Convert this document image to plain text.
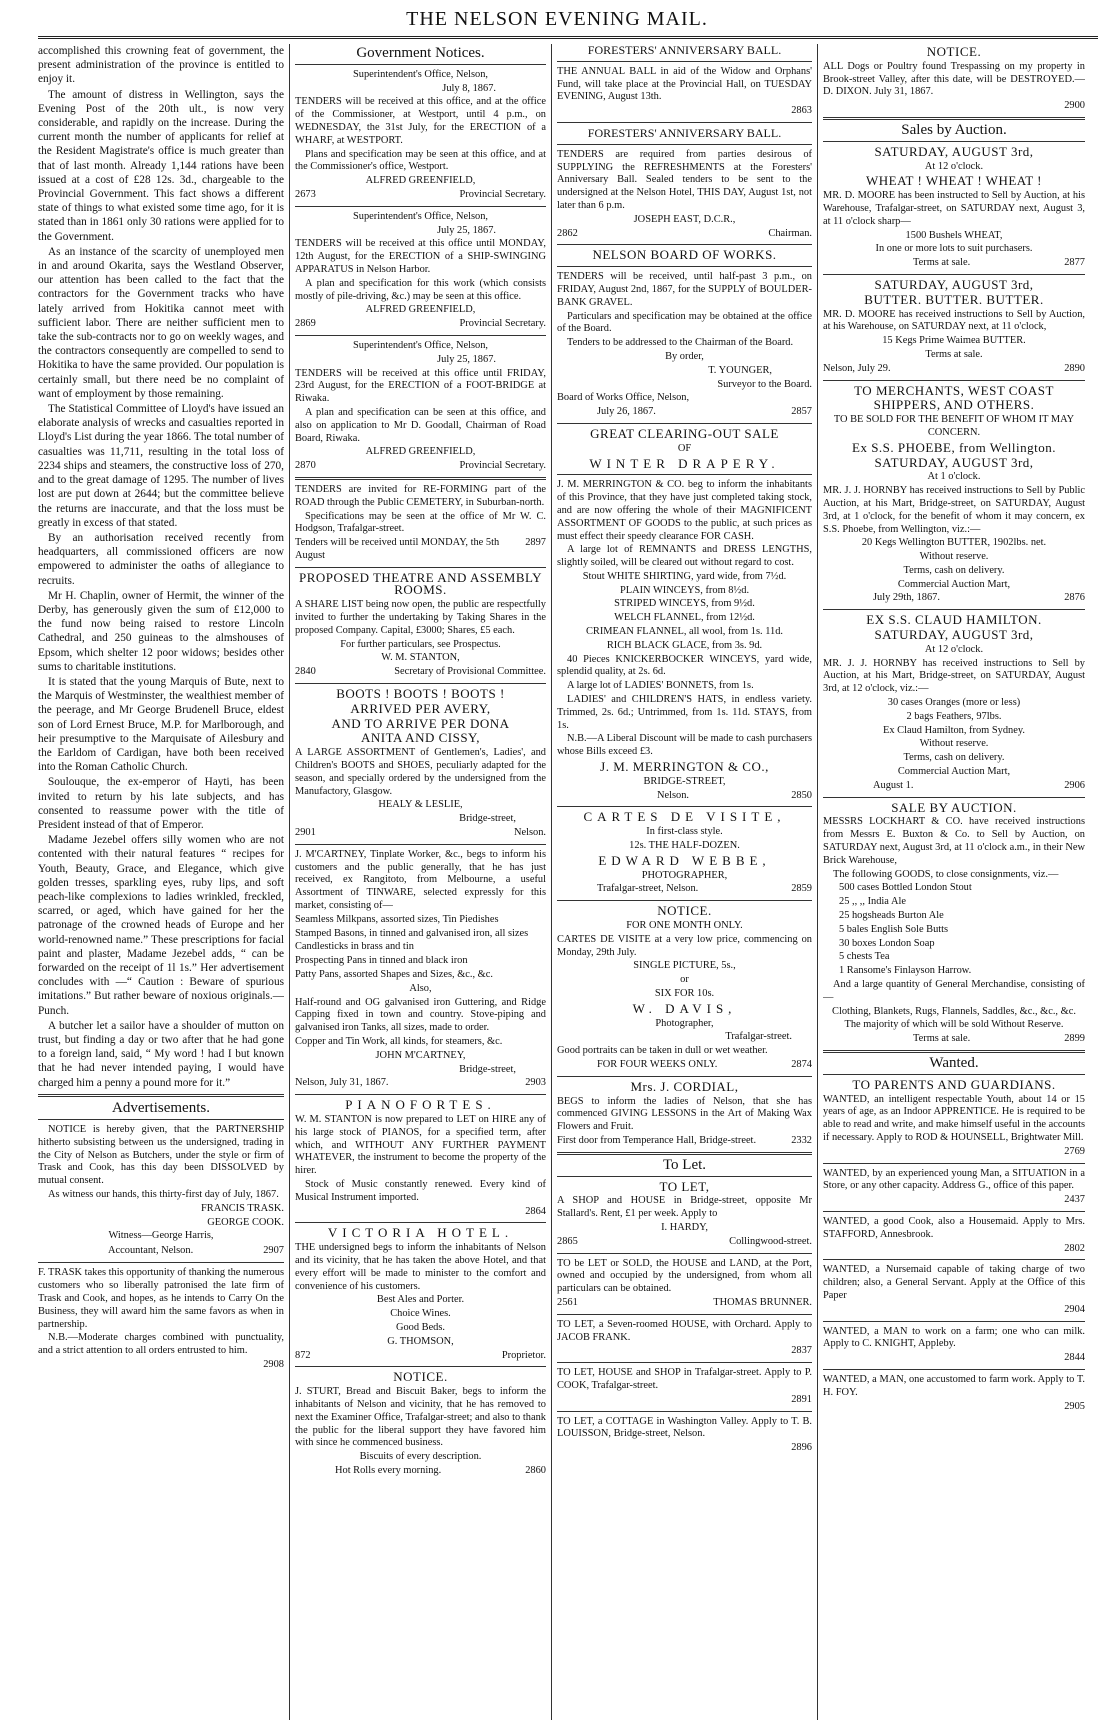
THE NELSON EVENING MAIL.

accomplished this crowning feat of government, the present administration of the province is entitled to enjoy it.

The amount of distress in Wellington, says the Evening Post of the 20th ult., is now very considerable, and rapidly on the increase. During the current month the number of applicants for relief at the Resident Magistrate's office is much greater than that of last month. Already 1,144 rations have been issued at a cost of £28 12s. 3d., chargeable to the Provincial Government. This fact shows a different state of things to what existed some time ago, for it is stated than in 1861 only 30 rations were applied for to the Government.

As an instance of the scarcity of unemployed men in and around Okarita, says the Westland Observer, our attention has been called to the fact that the contractors for the Government tracks who have lately arrived from Hokitika cannot meet with sufficient labor. There are neither sufficient men to take the sub-contracts nor to go on weekly wages, and the contractors consequently are compelled to send to Hokitika to have the same provided. Our population is certainly small, but there need be no complaint of want of employment by those remaining.

The Statistical Committee of Lloyd's have issued an elaborate analysis of wrecks and casualties reported in Lloyd's List during the year 1866. The total number of casualties was 11,711, resulting in the total loss of 2234 ships and steamers, the constructive loss of 270, and to the great damage of 1295. The number of lives lost are put down at 2644; but the committee believe the returns are inaccurate, and that the loss must be greatly in excess of that stated.

By an authorisation received recently from headquarters, all commissioned officers are now empowered to administer the oaths of allegiance to recruits.

Mr H. Chaplin, owner of Hermit, the winner of the Derby, has generously given the sum of £12,000 to the fund now being raised to restore Lincoln Cathedral, and 250 guineas to the almshouses of Epsom, which shelter 12 poor widows; besides other sums to charitable institutions.

It is stated that the young Marquis of Bute, next to the Marquis of Westminster, the wealthiest member of the peerage, and Mr George Brudenell Bruce, eldest son of Lord Ernest Bruce, M.P. for Marlborough, and heir presumptive to the Marquisate of Ailesbury and the Earldom of Cardigan, have both been received into the Roman Catholic Church.

Soulouque, the ex-emperor of Hayti, has been invited to return by his late subjects, and has consented to reassume power with the title of President instead of that of Emperor.

Madame Jezebel offers silly women who are not contented with their natural features “ recipes for Youth, Beauty, Grace, and Elegance, which give golden tresses, sparkling eyes, ruby lips, and soft peach-like complexions to ladies wrinkled, freckled, scarred, or aged, which have gained for her the patronage of the crowned heads of Europe and her world-renowned name.” These prescriptions for facial paint and plaster, Madame Jezebel adds, “ can be forwarded on the receipt of 1l 1s.” Her advertisement concludes with —“ Caution : Beware of spurious imitations.” But rather beware of noxious originals.—Punch.

A butcher let a sailor have a shoulder of mutton on trust, but finding a day or two after that he had gone to a foreign land, said, “ My word ! had I but known that he had never intended paying, I would have charged him a penny a pound more for it.”

Advertisements.

NOTICE is hereby given, that the PARTNERSHIP hitherto subsisting between us the undersigned, trading in the City of Nelson as Butchers, under the style or firm of Trask and Cook, has this day been DISSOLVED by mutual consent.

As witness our hands, this thirty-first day of July, 1867.

FRANCIS TRASK.

GEORGE COOK.

Witness—George Harris,

Accountant, Nelson.	2907

F. TRASK takes this opportunity of thanking the numerous customers who so liberally patronised the late firm of Trask and Cook, and hopes, as he intends to Carry On the Business, they will award him the same favors as when in partnership.

N.B.—Moderate charges combined with punctuality, and a strict attention to all orders entrusted to him.

2908

Government Notices.

Superintendent's Office, Nelson,

July 8, 1867.

TENDERS will be received at this office, and at the office of the Commissioner, at Westport, until 4 p.m., on WEDNESDAY, the 31st July, for the ERECTION of a WHARF, at WESTPORT.

Plans and specification may be seen at this office, and at the Commissioner's office, Westport.

ALFRED GREENFIELD,

2673	Provincial Secretary.

Superintendent's Office, Nelson,

July 25, 1867.

TENDERS will be received at this office until MONDAY, 12th August, for the ERECTION of a SHIP-SWINGING APPARATUS in Nelson Harbor.

A plan and specification for this work (which consists mostly of pile-driving, &c.) may be seen at this office.

ALFRED GREENFIELD,

2869	Provincial Secretary.

Superintendent's Office, Nelson,

July 25, 1867.

TENDERS will be received at this office until FRIDAY, 23rd August, for the ERECTION of a FOOT-BRIDGE at Riwaka.

A plan and specification can be seen at this office, and also on application to Mr D. Goodall, Chairman of Road Board, Riwaka.

ALFRED GREENFIELD,

2870	Provincial Secretary.

TENDERS are invited for RE-FORMING part of the ROAD through the Public CEMETERY, in Suburban-north.

Specifications may be seen at the office of Mr W. C. Hodgson, Trafalgar-street.

Tenders will be received until MONDAY, the 5th August
2897
PROPOSED THEATRE AND ASSEMBLY ROOMS.

A SHARE LIST being now open, the public are respectfully invited to further the undertaking by Taking Shares in the proposed Company. Capital, £3000; Shares, £5 each.

For further particulars, see Prospectus.

W. M. STANTON,

2840	Secretary of Provisional Committee.
BOOTS ! BOOTS ! BOOTS !
ARRIVED PER AVERY,
AND TO ARRIVE PER DONA
ANITA AND CISSY,

A LARGE ASSORTMENT of Gentlemen's, Ladies', and Children's BOOTS and SHOES, peculiarly adapted for the season, and specially ordered by the undersigned from the Manufactory, Glasgow.

HEALY & LESLIE,

Bridge-street,

2901	Nelson.

J. M'CARTNEY, Tinplate Worker, &c., begs to inform his customers and the public generally, that he has just received, ex Rangitoto, from Melbourne, a useful Assortment of TINWARE, selected expressly for this market, consisting of—

Seamless Milkpans, assorted sizes, Tin Piedishes

Stamped Basons, in tinned and galvanised iron, all sizes

Candlesticks in brass and tin

Prospecting Pans in tinned and black iron

Patty Pans, assorted Shapes and Sizes, &c., &c.

Also,

Half-round and OG galvanised iron Guttering, and Ridge Capping fixed in town and country. Stove-piping and galvanised iron Tanks, all sizes, made to order.

Copper and Tin Work, all kinds, for steamers, &c.

JOHN M'CARTNEY,

Bridge-street,

Nelson, July 31, 1867.	2903
PIANOFORTES.

W. M. STANTON is now prepared to LET on HIRE any of his large stock of PIANOS, for a specified term, after which, and WITHOUT ANY FURTHER PAYMENT WHATEVER, the instrument to become the property of the hirer.

Stock of Music constantly renewed. Every kind of Musical Instrument imported.

2864

VICTORIA HOTEL.

THE undersigned begs to inform the inhabitants of Nelson and its vicinity, that he has taken the above Hotel, and that every effort will be made to minister to the comfort and convenience of his customers.

Best Ales and Porter.

Choice Wines.

Good Beds.

G. THOMSON,

872	Proprietor.
NOTICE.

J. STURT, Bread and Biscuit Baker, begs to inform the inhabitants of Nelson and vicinity, that he has removed to next the Examiner Office, Trafalgar-street; and also to thank the public for the liberal support they have favored him with since he commenced business.

Biscuits of every description.

Hot Rolls every morning.	2860
FORESTERS' ANNIVERSARY BALL.

THE ANNUAL BALL in aid of the Widow and Orphans' Fund, will take place at the Provincial Hall, on TUESDAY EVENING, August 13th.

2863

FORESTERS' ANNIVERSARY BALL.

TENDERS are required from parties desirous of SUPPLYING the REFRESHMENTS at the Foresters' Anniversary Ball. Sealed tenders to be sent to the undersigned at the Nelson Hotel, THIS DAY, August 1st, not later than 6 p.m.

JOSEPH EAST, D.C.R.,

2862	Chairman.
NELSON BOARD OF WORKS.

TENDERS will be received, until half-past 3 p.m., on FRIDAY, August 2nd, 1867, for the SUPPLY of BOULDER-BANK GRAVEL.

Particulars and specification may be obtained at the office of the Board.

Tenders to be addressed to the Chairman of the Board.

By order,

T. YOUNGER,

Surveyor to the Board.

Board of Works Office, Nelson,

July 26, 1867.	2857
GREAT CLEARING-OUT SALE
OF
WINTER DRAPERY.

J. M. MERRINGTON & CO. beg to inform the inhabitants of this Province, that they have just completed taking stock, and are now offering the whole of their MAGNIFICENT ASSORTMENT OF GOODS to the public, at such prices as must effect their speedy clearance FOR CASH.

A large lot of REMNANTS and DRESS LENGTHS, slightly soiled, will be cleared out without regard to cost.

Stout WHITE SHIRTING, yard wide, from 7½d.

PLAIN WINCEYS, from 8½d.

STRIPED WINCEYS, from 9½d.

WELCH FLANNEL, from 12½d.

CRIMEAN FLANNEL, all wool, from 1s. 11d.

RICH BLACK GLACE, from 3s. 9d.

40 Pieces KNICKERBOCKER WINCEYS, yard wide, splendid quality, at 2s. 6d.

A large lot of LADIES' BONNETS, from 1s.

LADIES' and CHILDREN'S HATS, in endless variety. Trimmed, 2s. 6d.; Untrimmed, from 1s. 11d. STAYS, from 1s.

N.B.—A Liberal Discount will be made to cash purchasers whose Bills exceed £3.

J. M. MERRINGTON & CO.,

BRIDGE-STREET,

Nelson.	2850
CARTES DE VISITE,

In first-class style.

12s. THE HALF-DOZEN.

EDWARD WEBBE,

PHOTOGRAPHER,

Trafalgar-street, Nelson.	2859
NOTICE.

FOR ONE MONTH ONLY.

CARTES DE VISITE at a very low price, commencing on Monday, 29th July.

SINGLE PICTURE, 5s.,

or

SIX FOR 10s.

W. DAVIS,

Photographer,

Trafalgar-street.

Good portraits can be taken in dull or wet weather.

FOR FOUR WEEKS ONLY.	2874
Mrs. J. CORDIAL,

BEGS to inform the ladies of Nelson, that she has commenced GIVING LESSONS in the Art of Making Wax Flowers and Fruit.

First door from Temperance Hall, Bridge-street.	2332
To Let.
TO LET,

A SHOP and HOUSE in Bridge-street, opposite Mr Stallard's. Rent, £1 per week. Apply to

I. HARDY,

2865	Collingwood-street.

TO be LET or SOLD, the HOUSE and LAND, at the Port, owned and occupied by the undersigned, from whom all particulars can be obtained.

2561	THOMAS BRUNNER.

TO LET, a Seven-roomed HOUSE, with Orchard. Apply to JACOB FRANK.

2837

TO LET, HOUSE and SHOP in Trafalgar-street. Apply to P. COOK, Trafalgar-street.

2891

TO LET, a COTTAGE in Washington Valley. Apply to T. B. LOUISSON, Bridge-street, Nelson.

2896

NOTICE.

ALL Dogs or Poultry found Trespassing on my property in Brook-street Valley, after this date, will be DESTROYED.—D. DIXON. July 31, 1867.

2900

Sales by Auction.
SATURDAY, AUGUST 3rd,

At 12 o'clock.

WHEAT ! WHEAT ! WHEAT !

MR. D. MOORE has been instructed to Sell by Auction, at his Warehouse, Trafalgar-street, on SATURDAY next, August 3, at 11 o'clock sharp—

1500 Bushels WHEAT,

In one or more lots to suit purchasers.

Terms at sale.	2877
SATURDAY, AUGUST 3rd,
BUTTER. BUTTER. BUTTER.

MR. D. MOORE has received instructions to Sell by Auction, at his Warehouse, on SATURDAY next, at 11 o'clock,

15 Kegs Prime Waimea BUTTER.

Terms at sale.

Nelson, July 29.	2890
TO MERCHANTS, WEST COAST
SHIPPERS, AND OTHERS.

TO BE SOLD FOR THE BENEFIT OF WHOM IT MAY CONCERN.

Ex S.S. PHOEBE, from Wellington.
SATURDAY, AUGUST 3rd,

At 1 o'clock.

MR. J. J. HORNBY has received instructions to Sell by Public Auction, at his Mart, Bridge-street, on SATURDAY, August 3rd, at 1 o'clock, for the benefit of whom it may concern, ex S.S. Phoebe, from Wellington, viz.:—

20 Kegs Wellington BUTTER, 1902lbs. net.

Without reserve.

Terms, cash on delivery.

Commercial Auction Mart,

July 29th, 1867.	2876
EX S.S. CLAUD HAMILTON.
SATURDAY, AUGUST 3rd,

At 12 o'clock.

MR. J. J. HORNBY has received instructions to Sell by Auction, at his Mart, Bridge-street, on SATURDAY, August 3rd, at 12 o'clock, viz.:—

30 cases Oranges (more or less)

2 bags Feathers, 97lbs.

Ex Claud Hamilton, from Sydney.

Without reserve.

Terms, cash on delivery.

Commercial Auction Mart,

August 1.	2906
SALE BY AUCTION.

MESSRS LOCKHART & CO. have received instructions from Messrs E. Buxton & Co. to Sell by Auction, on SATURDAY next, August 3rd, at 11 o'clock a.m., in their New Brick Warehouse,

The following GOODS, to close consignments, viz.—

500 cases Bottled London Stout

25 ,, ,, India Ale

25 hogsheads Burton Ale

5 bales English Sole Butts

30 boxes London Soap

5 chests Tea

1 Ransome's Finlayson Harrow.

And a large quantity of General Merchandise, consisting of—

Clothing, Blankets, Rugs, Flannels, Saddles, &c., &c., &c.

The majority of which will be sold Without Reserve.

Terms at sale.	2899
Wanted.
TO PARENTS AND GUARDIANS.

WANTED, an intelligent respectable Youth, about 14 or 15 years of age, as an Indoor APPRENTICE. He is required to be able to read and write, and make himself useful in the accounts if necessary. Apply to ROD & HOUNSELL, Brightwater Mill.

2769

WANTED, by an experienced young Man, a SITUATION in a Store, or any other capacity. Address G., office of this paper.

2437

WANTED, a good Cook, also a Housemaid. Apply to Mrs. STAFFORD, Annesbrook.

2802

WANTED, a Nursemaid capable of taking charge of two children; also, a General Servant. Apply at the Office of this Paper

2904

WANTED, a MAN to work on a farm; one who can milk. Apply to C. KNIGHT, Appleby.

2844

WANTED, a MAN, one accustomed to farm work. Apply to T. H. FOY.

2905
